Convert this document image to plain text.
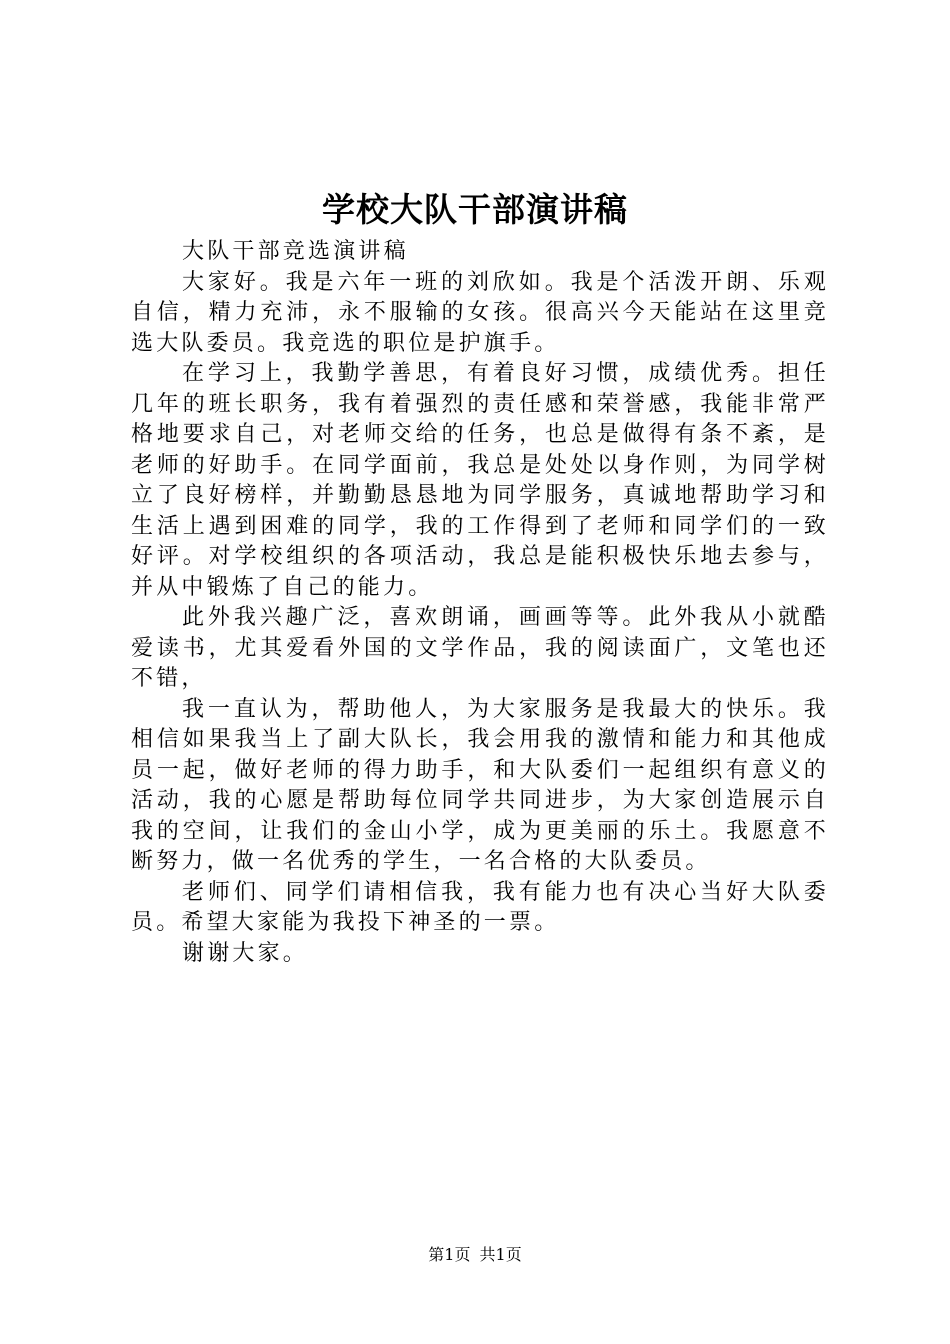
学校大队干部演讲稿

大队干部竞选演讲稿

大家好。我是六年一班的刘欣如。我是个活泼开朗、乐观自信，精力充沛，永不服输的女孩。很高兴今天能站在这里竞选大队委员。我竞选的职位是护旗手。

在学习上，我勤学善思，有着良好习惯，成绩优秀。担任几年的班长职务，我有着强烈的责任感和荣誉感，我能非常严格地要求自己，对老师交给的任务，也总是做得有条不紊，是老师的好助手。在同学面前，我总是处处以身作则，为同学树立了良好榜样，并勤勤恳恳地为同学服务，真诚地帮助学习和生活上遇到困难的同学，我的工作得到了老师和同学们的一致好评。对学校组织的各项活动，我总是能积极快乐地去参与，并从中锻炼了自己的能力。

此外我兴趣广泛，喜欢朗诵，画画等等。此外我从小就酷爱读书，尤其爱看外国的文学作品，我的阅读面广，文笔也还不错，

我一直认为，帮助他人，为大家服务是我最大的快乐。我相信如果我当上了副大队长，我会用我的激情和能力和其他成员一起，做好老师的得力助手，和大队委们一起组织有意义的活动，我的心愿是帮助每位同学共同进步，为大家创造展示自我的空间，让我们的金山小学，成为更美丽的乐土。我愿意不断努力，做一名优秀的学生，一名合格的大队委员。

老师们、同学们请相信我，我有能力也有决心当好大队委员。希望大家能为我投下神圣的一票。

谢谢大家。

第1页 共1页
